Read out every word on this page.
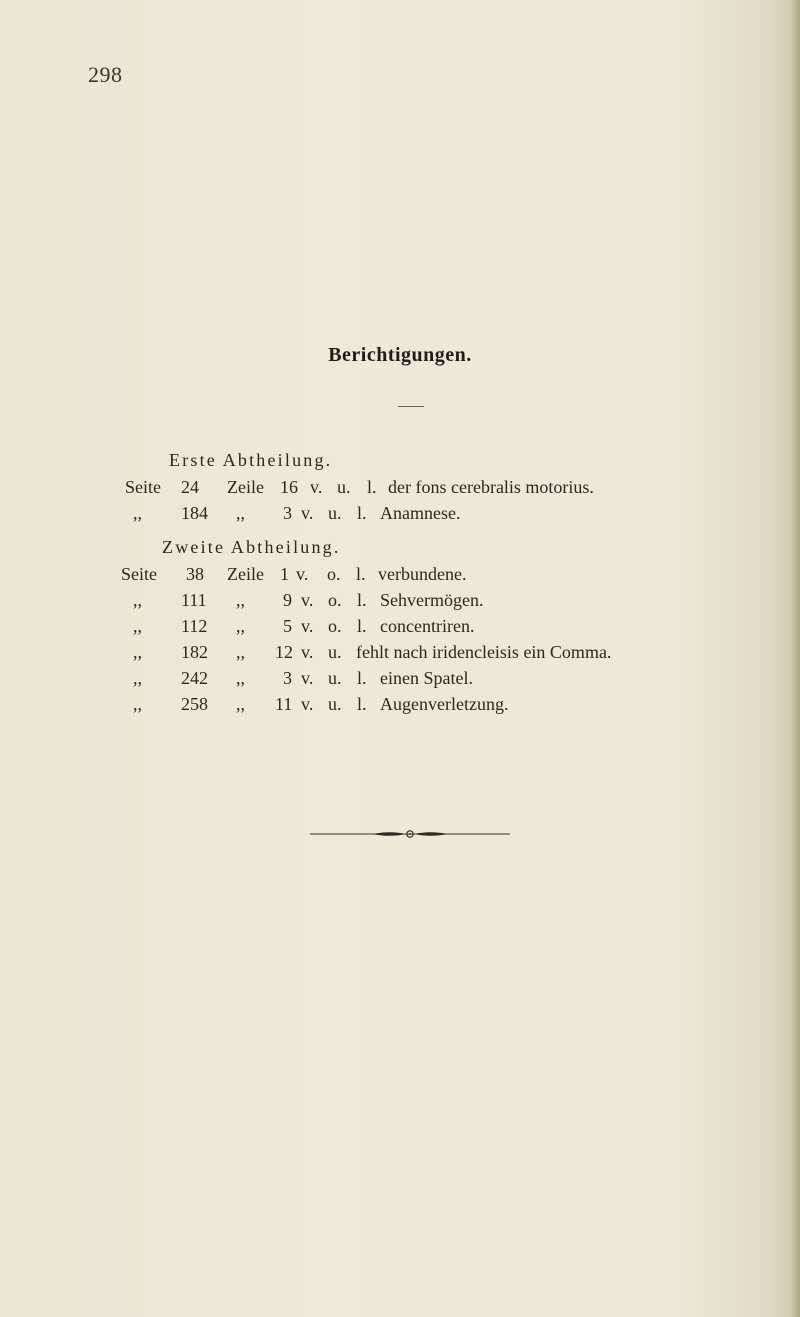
298
Berichtigungen.
Erste Abtheilung.
Seite 24 Zeile 16 v. u. l. der fons cerebralis motorius.
,, 184 ,, 3 v. u. l. Anamnese.
Zweite Abtheilung.
Seite 38 Zeile 1 v. o. l. verbundene.
,, 111 ,, 9 v. o. l. Sehvermögen.
,, 112 ,, 5 v. o. l. concentriren.
,, 182 ,, 12 v. u. fehlt nach iridencleisis ein Comma.
,, 242 ,, 3 v. u. l. einen Spatel.
,, 258 ,, 11 v. u. l. Augenverletzung.
